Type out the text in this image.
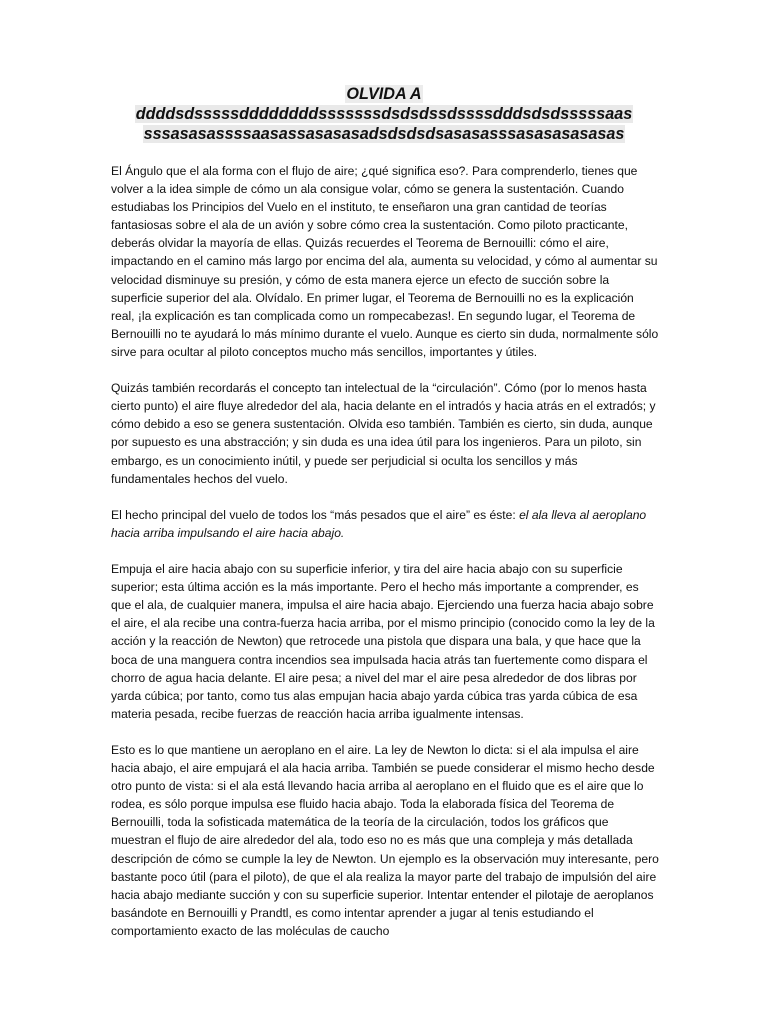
OLVIDA A
ddddsdsssssddddddddsssssssdsdsdssdssssdddsdsdsssssaas
sssasasassssaasassasasasadsdsdsdsasasasssasasasasasas

El Ángulo que el ala forma con el flujo de aire; ¿qué significa eso?. Para comprenderlo, tienes que volver a la idea simple de cómo un ala consigue volar, cómo se genera la sustentación. Cuando estudiabas los Principios del Vuelo en el instituto, te enseñaron una gran cantidad de teorías fantasiosas sobre el ala de un avión y sobre cómo crea la sustentación. Como piloto practicante, deberás olvidar la mayoría de ellas. Quizás recuerdes el Teorema de Bernouilli: cómo el aire, impactando en el camino más largo por encima del ala, aumenta su velocidad, y cómo al aumentar su velocidad disminuye su presión, y cómo de esta manera ejerce un efecto de succión sobre la superficie superior del ala. Olvídalo. En primer lugar, el Teorema de Bernouilli no es la explicación real, ¡la explicación es tan complicada como un rompecabezas!. En segundo lugar, el Teorema de Bernouilli no te ayudará lo más mínimo durante el vuelo. Aunque es cierto sin duda, normalmente sólo sirve para ocultar al piloto conceptos mucho más sencillos, importantes y útiles.

Quizás también recordarás el concepto tan intelectual de la “circulación”. Cómo (por lo menos hasta cierto punto) el aire fluye alrededor del ala, hacia delante en el intradós y hacia atrás en el extradós; y cómo debido a eso se genera sustentación. Olvida eso también. También es cierto, sin duda, aunque por supuesto es una abstracción; y sin duda es una idea útil para los ingenieros. Para un piloto, sin embargo, es un conocimiento inútil, y puede ser perjudicial si oculta los sencillos y más fundamentales hechos del vuelo.

El hecho principal del vuelo de todos los “más pesados que el aire” es éste: el ala lleva al aeroplano hacia arriba impulsando el aire hacia abajo.

Empuja el aire hacia abajo con su superficie inferior, y tira del aire hacia abajo con su superficie superior; esta última acción es la más importante. Pero el hecho más importante a comprender, es que el ala, de cualquier manera, impulsa el aire hacia abajo. Ejerciendo una fuerza hacia abajo sobre el aire, el ala recibe una contra-fuerza hacia arriba, por el mismo principio (conocido como la ley de la acción y la reacción de Newton) que retrocede una pistola que dispara una bala, y que hace que la boca de una manguera contra incendios sea impulsada hacia atrás tan fuertemente como dispara el chorro de agua hacia delante. El aire pesa; a nivel del mar el aire pesa alrededor de dos libras por yarda cúbica; por tanto, como tus alas empujan hacia abajo yarda cúbica tras yarda cúbica de esa materia pesada, recibe fuerzas de reacción hacia arriba igualmente intensas.

Esto es lo que mantiene un aeroplano en el aire. La ley de Newton lo dicta: si el ala impulsa el aire hacia abajo, el aire empujará el ala hacia arriba. También se puede considerar el mismo hecho desde otro punto de vista: si el ala está llevando hacia arriba al aeroplano en el fluido que es el aire que lo rodea, es sólo porque impulsa ese fluido hacia abajo. Toda la elaborada física del Teorema de Bernouilli, toda la sofisticada matemática de la teoría de la circulación, todos los gráficos que muestran el flujo de aire alrededor del ala, todo eso no es más que una compleja y más detallada descripción de cómo se cumple la ley de Newton. Un ejemplo es la observación muy interesante, pero bastante poco útil (para el piloto), de que el ala realiza la mayor parte del trabajo de impulsión del aire hacia abajo mediante succión y con su superficie superior. Intentar entender el pilotaje de aeroplanos basándote en Bernouilli y Prandtl, es como intentar aprender a jugar al tenis estudiando el comportamiento exacto de las moléculas de caucho
